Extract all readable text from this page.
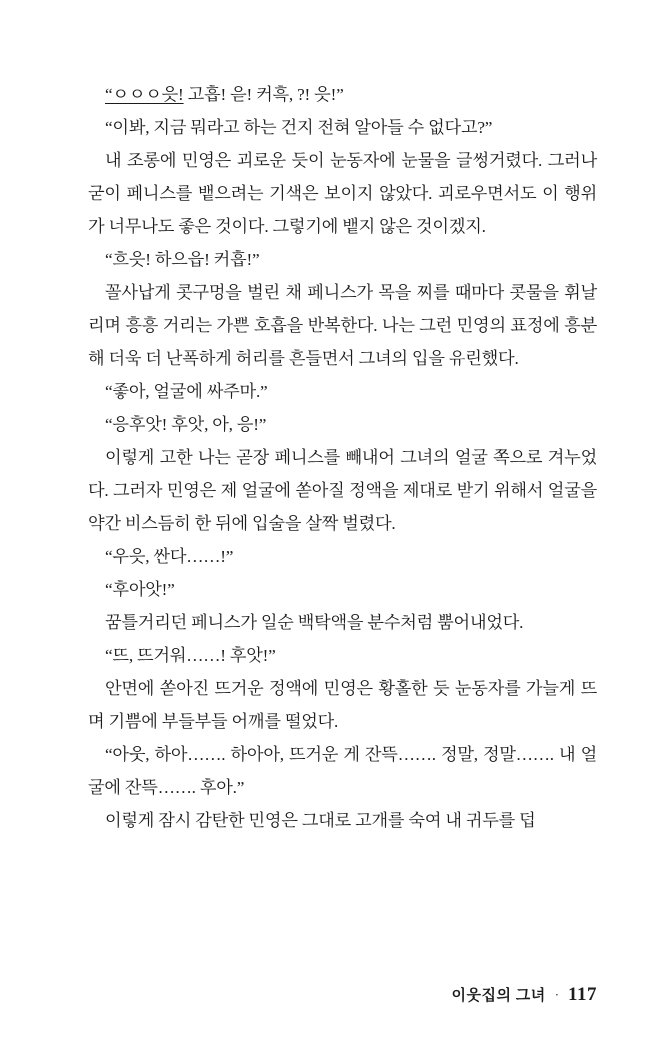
“ㅇㅇㅇ읏! 고흡! 읃! 커흑, ?! 읏!”

“이봐, 지금 뭐라고 하는 건지 전혀 알아들 수 없다고?”

내 조롱에 민영은 괴로운 듯이 눈동자에 눈물을 글썽거렸다. 그러나 굳이 페니스를 뱉으려는 기색은 보이지 않았다. 괴로우면서도 이 행위가 너무나도 좋은 것이다. 그렇기에 뱉지 않은 것이겠지.

“흐읏! 하으읍! 커흡!”

꼴사납게 콧구멍을 벌린 채 페니스가 목을 찌를 때마다 콧물을 휘날리며 흥흥 거리는 가쁜 호흡을 반복한다. 나는 그런 민영의 표정에 흥분해 더욱 더 난폭하게 허리를 흔들면서 그녀의 입을 유린했다.

“좋아, 얼굴에 싸주마.”

“응후앗! 후앗, 아, 응!”

이렇게 고한 나는 곧장 페니스를 빼내어 그녀의 얼굴 쪽으로 겨누었다. 그러자 민영은 제 얼굴에 쏟아질 정액을 제대로 받기 위해서 얼굴을 약간 비스듬히 한 뒤에 입술을 살짝 벌렸다.

“우읏, 싼다……!”

“후아앗!”

꿈틀거리던 페니스가 일순 백탁액을 분수처럼 뿜어내었다.

“뜨, 뜨거워……! 후앗!”

안면에 쏟아진 뜨거운 정액에 민영은 황홀한 듯 눈동자를 가늘게 뜨며 기쁨에 부들부들 어깨를 떨었다.

“아웃, 하아……. 하아아, 뜨거운 게 잔뜩……. 정말, 정말……. 내 얼굴에 잔뜩……. 후아.”

이렇게 잠시 감탄한 민영은 그대로 고개를 숙여 내 귀두를 덥

이웃집의 그녀 · 117
